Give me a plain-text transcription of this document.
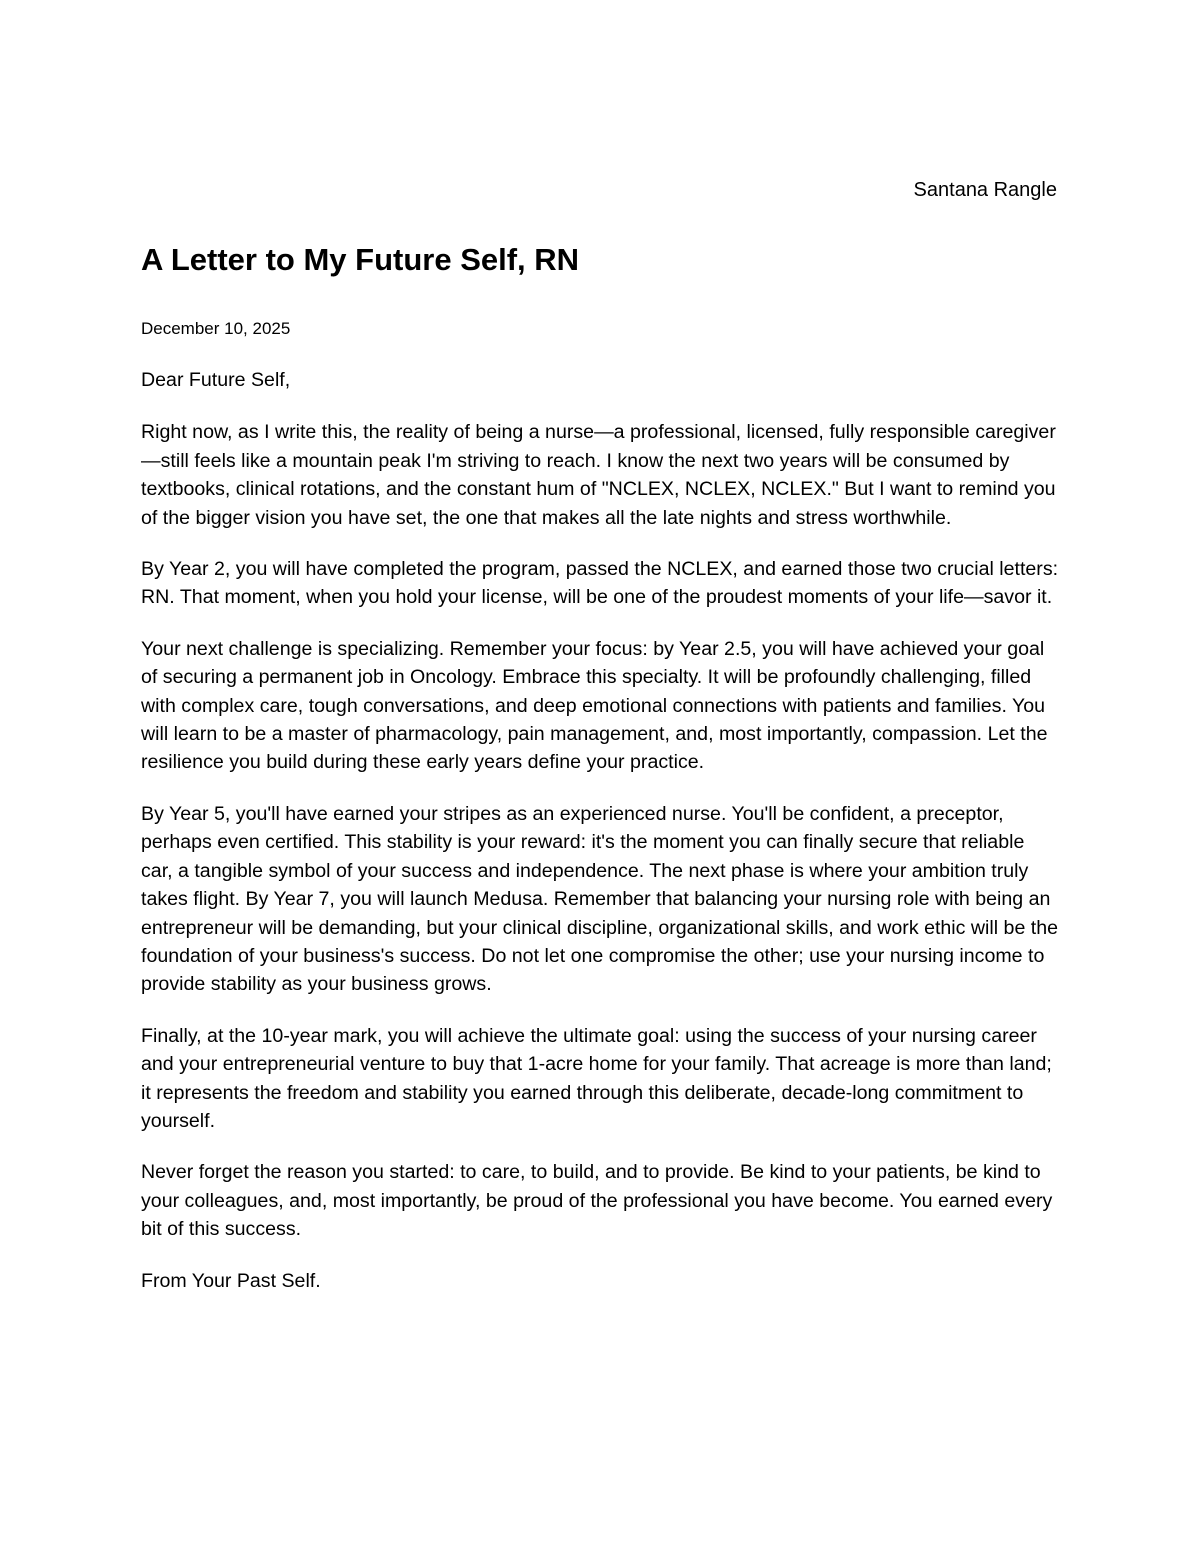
Santana Rangle

A Letter to My Future Self, RN

December 10, 2025

Dear Future Self,

Right now, as I write this, the reality of being a nurse—a professional, licensed, fully responsible caregiver—still feels like a mountain peak I'm striving to reach. I know the next two years will be consumed by textbooks, clinical rotations, and the constant hum of "NCLEX, NCLEX, NCLEX." But I want to remind you of the bigger vision you have set, the one that makes all the late nights and stress worthwhile.

By Year 2, you will have completed the program, passed the NCLEX, and earned those two crucial letters: RN. That moment, when you hold your license, will be one of the proudest moments of your life—savor it.

Your next challenge is specializing. Remember your focus: by Year 2.5, you will have achieved your goal of securing a permanent job in Oncology. Embrace this specialty. It will be profoundly challenging, filled with complex care, tough conversations, and deep emotional connections with patients and families. You will learn to be a master of pharmacology, pain management, and, most importantly, compassion. Let the resilience you build during these early years define your practice.

By Year 5, you'll have earned your stripes as an experienced nurse. You'll be confident, a preceptor, perhaps even certified. This stability is your reward: it's the moment you can finally secure that reliable car, a tangible symbol of your success and independence. The next phase is where your ambition truly takes flight. By Year 7, you will launch Medusa. Remember that balancing your nursing role with being an entrepreneur will be demanding, but your clinical discipline, organizational skills, and work ethic will be the foundation of your business's success. Do not let one compromise the other; use your nursing income to provide stability as your business grows.

Finally, at the 10-year mark, you will achieve the ultimate goal: using the success of your nursing career and your entrepreneurial venture to buy that 1-acre home for your family. That acreage is more than land; it represents the freedom and stability you earned through this deliberate, decade-long commitment to yourself.

Never forget the reason you started: to care, to build, and to provide. Be kind to your patients, be kind to your colleagues, and, most importantly, be proud of the professional you have become. You earned every bit of this success.

From Your Past Self.
